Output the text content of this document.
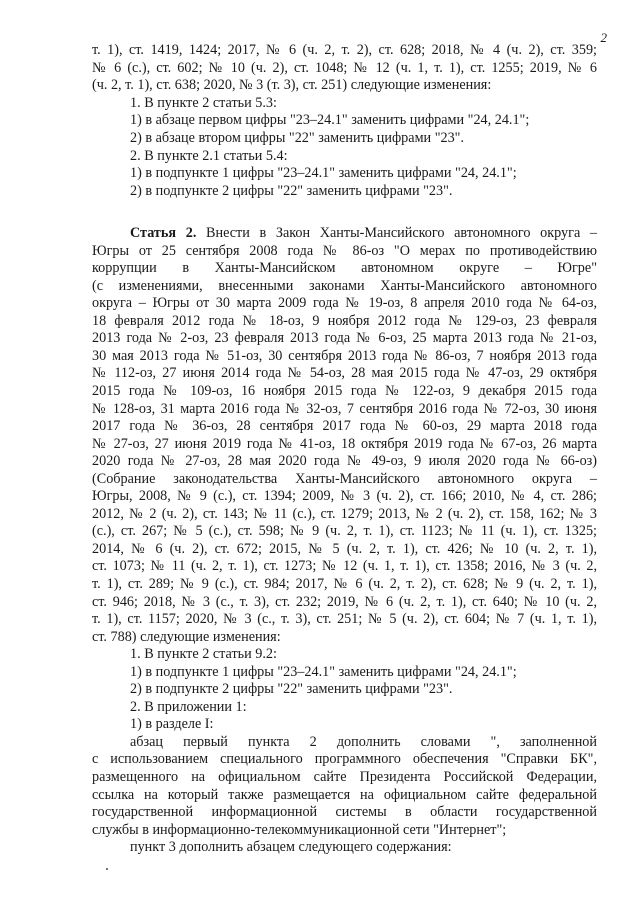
2
т. 1), ст. 1419, 1424; 2017, № 6 (ч. 2, т. 2), ст. 628; 2018, № 4 (ч. 2), ст. 359;
№ 6 (с.), ст. 602; № 10 (ч. 2), ст. 1048; № 12 (ч. 1, т. 1), ст. 1255; 2019, № 6
(ч. 2, т. 1), ст. 638; 2020, № 3 (т. 3), ст. 251) следующие изменения:
1. В пункте 2 статьи 5.3:
1) в абзаце первом цифры "23–24.1" заменить цифрами "24, 24.1";
2) в абзаце втором цифры "22" заменить цифрами "23".
2. В пункте 2.1 статьи 5.4:
1) в подпункте 1 цифры "23–24.1" заменить цифрами "24, 24.1";
2) в подпункте 2 цифры "22" заменить цифрами "23".
Статья 2. Внести в Закон Ханты-Мансийского автономного округа –
Югры от 25 сентября 2008 года № 86-оз "О мерах по противодействию
коррупции в Ханты-Мансийском автономном округе – Югре"
(с изменениями, внесенными законами Ханты-Мансийского автономного
округа – Югры от 30 марта 2009 года № 19-оз, 8 апреля 2010 года № 64-оз,
18 февраля 2012 года № 18-оз, 9 ноября 2012 года № 129-оз, 23 февраля
2013 года № 2-оз, 23 февраля 2013 года № 6-оз, 25 марта 2013 года № 21-оз,
30 мая 2013 года № 51-оз, 30 сентября 2013 года № 86-оз, 7 ноября 2013 года
№ 112-оз, 27 июня 2014 года № 54-оз, 28 мая 2015 года № 47-оз, 29 октября
2015 года № 109-оз, 16 ноября 2015 года № 122-оз, 9 декабря 2015 года
№ 128-оз, 31 марта 2016 года № 32-оз, 7 сентября 2016 года № 72-оз, 30 июня
2017 года № 36-оз, 28 сентября 2017 года № 60-оз, 29 марта 2018 года
№ 27-оз, 27 июня 2019 года № 41-оз, 18 октября 2019 года № 67-оз, 26 марта
2020 года № 27-оз, 28 мая 2020 года № 49-оз, 9 июля 2020 года № 66-оз)
(Собрание законодательства Ханты-Мансийского автономного округа –
Югры, 2008, № 9 (с.), ст. 1394; 2009, № 3 (ч. 2), ст. 166; 2010, № 4, ст. 286;
2012, № 2 (ч. 2), ст. 143; № 11 (с.), ст. 1279; 2013, № 2 (ч. 2), ст. 158, 162; № 3
(с.), ст. 267; № 5 (с.), ст. 598; № 9 (ч. 2, т. 1), ст. 1123; № 11 (ч. 1), ст. 1325;
2014, № 6 (ч. 2), ст. 672; 2015, № 5 (ч. 2, т. 1), ст. 426; № 10 (ч. 2, т. 1),
ст. 1073; № 11 (ч. 2, т. 1), ст. 1273; № 12 (ч. 1, т. 1), ст. 1358; 2016, № 3 (ч. 2,
т. 1), ст. 289; № 9 (с.), ст. 984; 2017, № 6 (ч. 2, т. 2), ст. 628; № 9 (ч. 2, т. 1),
ст. 946; 2018, № 3 (с., т. 3), ст. 232; 2019, № 6 (ч. 2, т. 1), ст. 640; № 10 (ч. 2,
т. 1), ст. 1157; 2020, № 3 (с., т. 3), ст. 251; № 5 (ч. 2), ст. 604; № 7 (ч. 1, т. 1),
ст. 788) следующие изменения:
1. В пункте 2 статьи 9.2:
1) в подпункте 1 цифры "23–24.1" заменить цифрами "24, 24.1";
2) в подпункте 2 цифры "22" заменить цифрами "23".
2. В приложении 1:
1) в разделе I:
абзац первый пункта 2 дополнить словами ", заполненной
с использованием специального программного обеспечения "Справки БК",
размещенного на официальном сайте Президента Российской Федерации,
ссылка на который также размещается на официальном сайте федеральной
государственной информационной системы в области государственной
службы в информационно-телекоммуникационной сети "Интернет";
пункт 3 дополнить абзацем следующего содержания:
